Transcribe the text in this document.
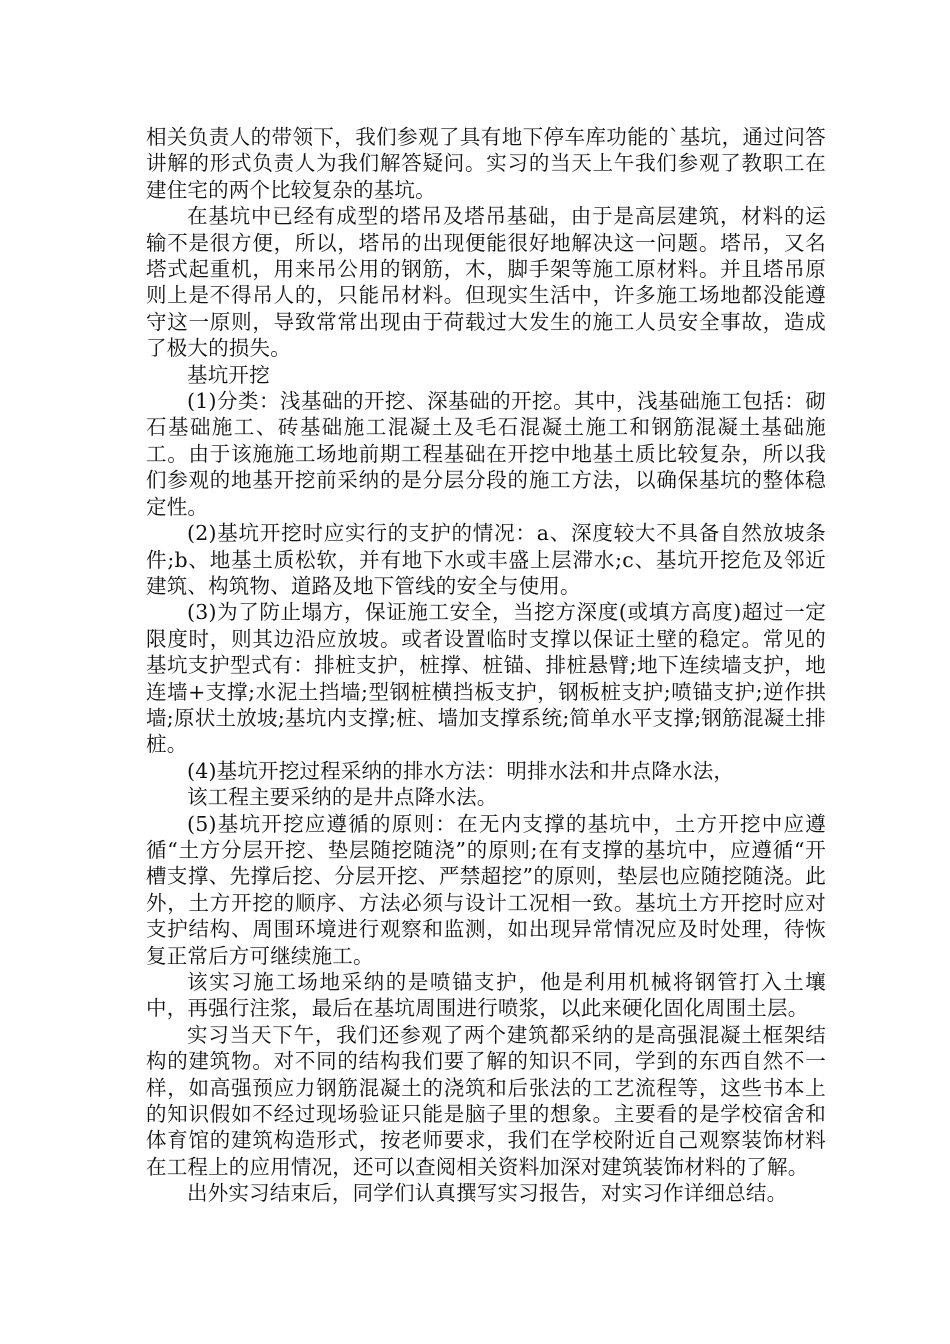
相关负责人的带领下，我们参观了具有地下停车库功能的`基坑，通过问答讲解的形式负责人为我们解答疑问。实习的当天上午我们参观了教职工在建住宅的两个比较复杂的基坑。

在基坑中已经有成型的塔吊及塔吊基础，由于是高层建筑，材料的运输不是很方便，所以，塔吊的出现便能很好地解决这一问题。塔吊，又名塔式起重机，用来吊公用的钢筋，木，脚手架等施工原材料。并且塔吊原则上是不得吊人的，只能吊材料。但现实生活中，许多施工场地都没能遵守这一原则，导致常常出现由于荷载过大发生的施工人员安全事故，造成了极大的损失。

基坑开挖

(1)分类：浅基础的开挖、深基础的开挖。其中，浅基础施工包括：砌石基础施工、砖基础施工混凝土及毛石混凝土施工和钢筋混凝土基础施工。由于该施施工场地前期工程基础在开挖中地基土质比较复杂，所以我们参观的地基开挖前采纳的是分层分段的施工方法，以确保基坑的整体稳定性。

(2)基坑开挖时应实行的支护的情况：a、深度较大不具备自然放坡条件;b、地基土质松软，并有地下水或丰盛上层滞水;c、基坑开挖危及邻近建筑、构筑物、道路及地下管线的安全与使用。

(3)为了防止塌方，保证施工安全，当挖方深度(或填方高度)超过一定限度时，则其边沿应放坡。或者设置临时支撑以保证土壁的稳定。常见的基坑支护型式有：排桩支护，桩撑、桩锚、排桩悬臂;地下连续墙支护，地连墙+支撑;水泥土挡墙;型钢桩横挡板支护，钢板桩支护;喷锚支护;逆作拱墙;原状土放坡;基坑内支撑;桩、墙加支撑系统;简单水平支撑;钢筋混凝土排桩。

(4)基坑开挖过程采纳的排水方法：明排水法和井点降水法，

该工程主要采纳的是井点降水法。

(5)基坑开挖应遵循的原则：在无内支撑的基坑中，土方开挖中应遵循“土方分层开挖、垫层随挖随浇”的原则;在有支撑的基坑中，应遵循“开槽支撑、先撑后挖、分层开挖、严禁超挖”的原则，垫层也应随挖随浇。此外，土方开挖的顺序、方法必须与设计工况相一致。基坑土方开挖时应对支护结构、周围环境进行观察和监测，如出现异常情况应及时处理，待恢复正常后方可继续施工。

该实习施工场地采纳的是喷锚支护，他是利用机械将钢管打入土壤中，再强行注浆，最后在基坑周围进行喷浆，以此来硬化固化周围土层。

实习当天下午，我们还参观了两个建筑都采纳的是高强混凝土框架结构的建筑物。对不同的结构我们要了解的知识不同，学到的东西自然不一样，如高强预应力钢筋混凝土的浇筑和后张法的工艺流程等，这些书本上的知识假如不经过现场验证只能是脑子里的想象。主要看的是学校宿舍和体育馆的建筑构造形式，按老师要求，我们在学校附近自己观察装饰材料在工程上的应用情况，还可以查阅相关资料加深对建筑装饰材料的了解。

出外实习结束后，同学们认真撰写实习报告，对实习作详细总结。
